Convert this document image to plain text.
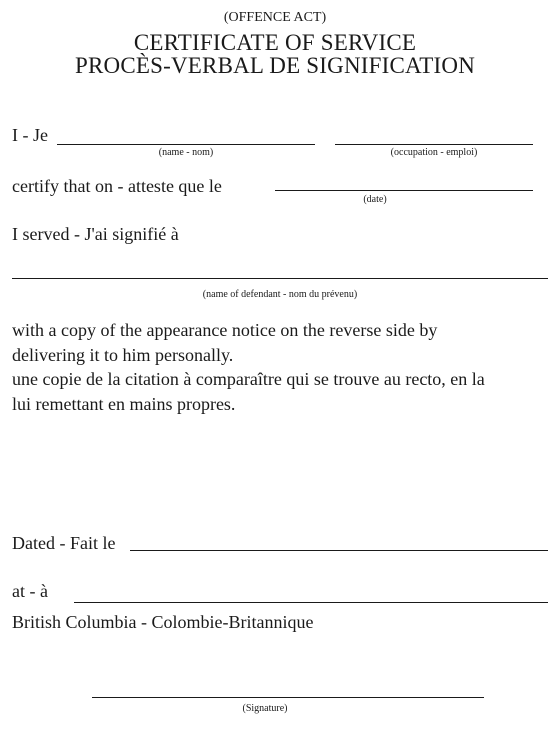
(OFFENCE ACT)
CERTIFICATE OF SERVICE
PROCÈS-VERBAL DE SIGNIFICATION
I - Je
(name - nom)	(occupation - emploi)
certify that on - atteste que le
(date)
I served - J'ai signifié à
(name of defendant - nom du prévenu)
with a copy of the appearance notice on the reverse side by
delivering it to him personally.
une copie de la citation à comparaître qui se trouve au recto, en la
lui remettant en mains propres.
Dated - Fait le
at - à
British Columbia - Colombie-Britannique
(Signature)
